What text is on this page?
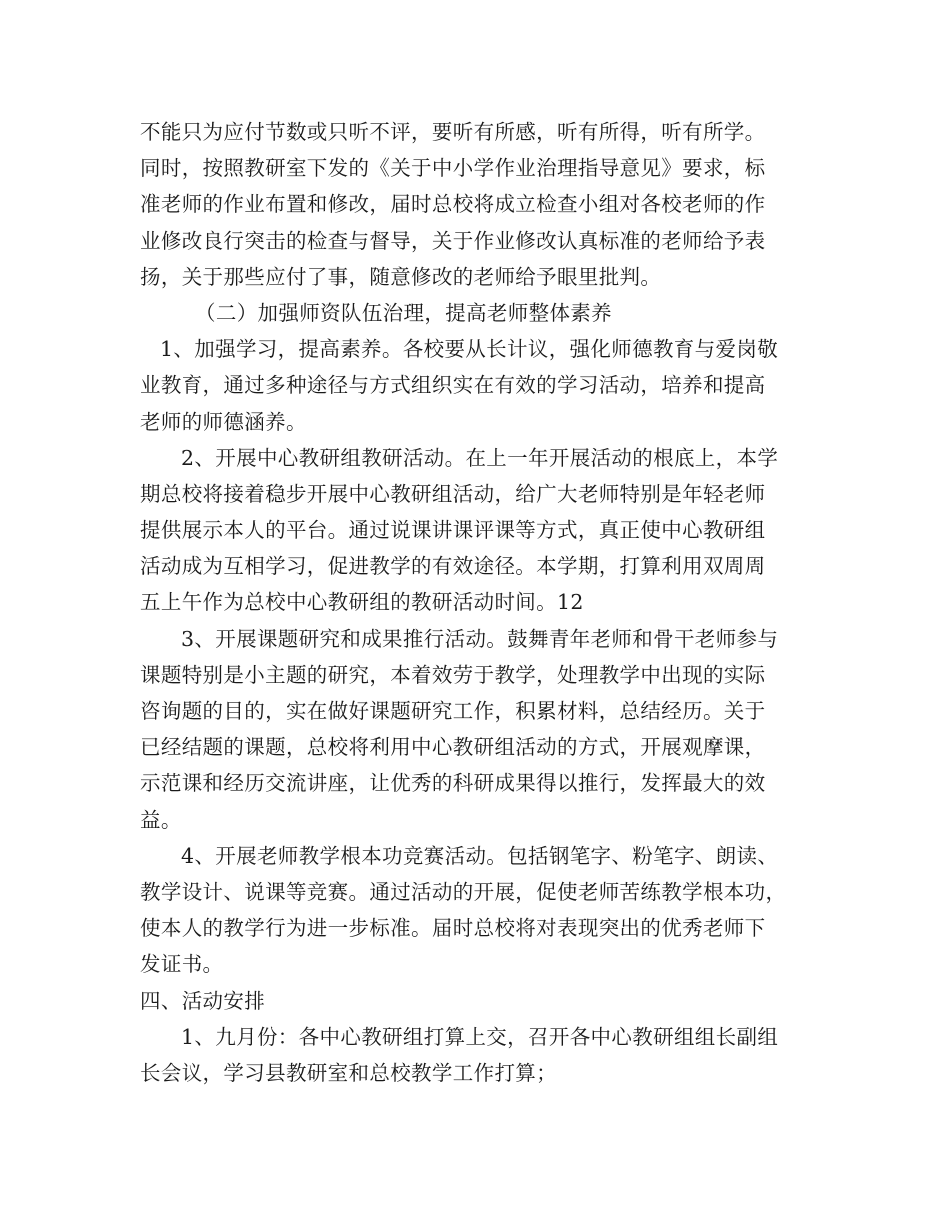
不能只为应付节数或只听不评，要听有所感，听有所得，听有所学。
同时，按照教研室下发的《关于中小学作业治理指导意见》要求，标
准老师的作业布置和修改，届时总校将成立检查小组对各校老师的作
业修改良行突击的检查与督导，关于作业修改认真标准的老师给予表
扬，关于那些应付了事，随意修改的老师给予眼里批判。
（二）加强师资队伍治理，提高老师整体素养
1、加强学习，提高素养。各校要从长计议，强化师德教育与爱岗敬
业教育，通过多种途径与方式组织实在有效的学习活动，培养和提高
老师的师德涵养。
2、开展中心教研组教研活动。在上一年开展活动的根底上，本学
期总校将接着稳步开展中心教研组活动，给广大老师特别是年轻老师
提供展示本人的平台。通过说课讲课评课等方式，真正使中心教研组
活动成为互相学习，促进教学的有效途径。本学期，打算利用双周周
五上午作为总校中心教研组的教研活动时间。12
3、开展课题研究和成果推行活动。鼓舞青年老师和骨干老师参与
课题特别是小主题的研究，本着效劳于教学，处理教学中出现的实际
咨询题的目的，实在做好课题研究工作，积累材料，总结经历。关于
已经结题的课题，总校将利用中心教研组活动的方式，开展观摩课，
示范课和经历交流讲座，让优秀的科研成果得以推行，发挥最大的效
益。
4、开展老师教学根本功竞赛活动。包括钢笔字、粉笔字、朗读、
教学设计、说课等竞赛。通过活动的开展，促使老师苦练教学根本功，
使本人的教学行为进一步标准。届时总校将对表现突出的优秀老师下
发证书。
四、活动安排
1、九月份：各中心教研组打算上交，召开各中心教研组组长副组
长会议，学习县教研室和总校教学工作打算；
